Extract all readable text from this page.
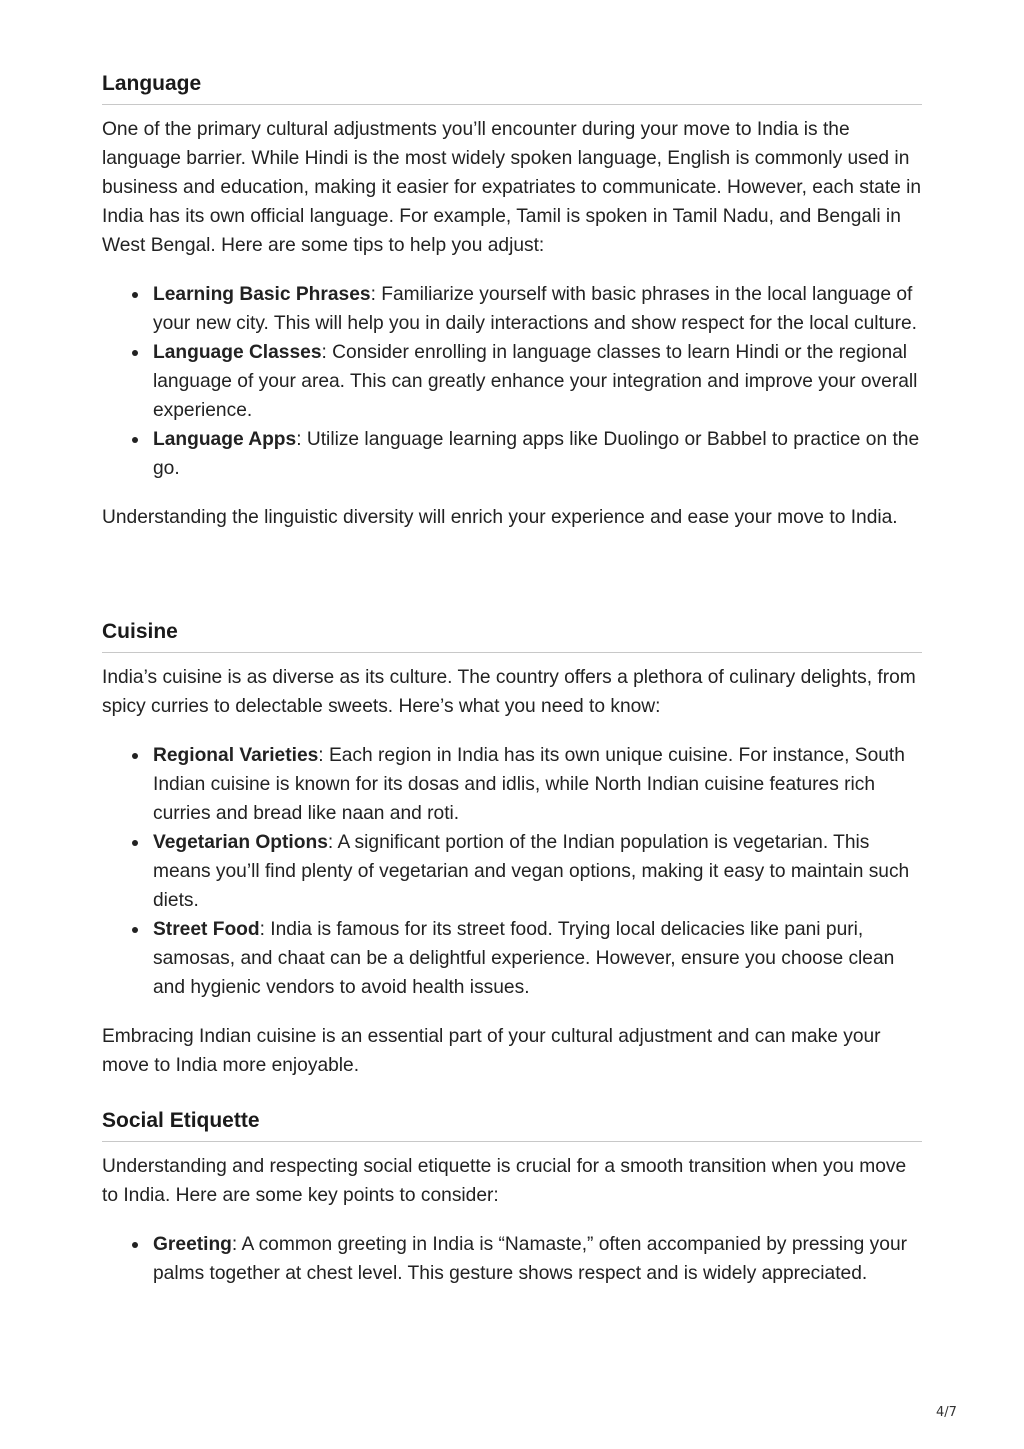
Language

One of the primary cultural adjustments you’ll encounter during your move to India is the language barrier. While Hindi is the most widely spoken language, English is commonly used in business and education, making it easier for expatriates to communicate. However, each state in India has its own official language. For example, Tamil is spoken in Tamil Nadu, and Bengali in West Bengal. Here are some tips to help you adjust:

Learning Basic Phrases: Familiarize yourself with basic phrases in the local language of your new city. This will help you in daily interactions and show respect for the local culture.
Language Classes: Consider enrolling in language classes to learn Hindi or the regional language of your area. This can greatly enhance your integration and improve your overall experience.
Language Apps: Utilize language learning apps like Duolingo or Babbel to practice on the go.

Understanding the linguistic diversity will enrich your experience and ease your move to India.

Cuisine

India’s cuisine is as diverse as its culture. The country offers a plethora of culinary delights, from spicy curries to delectable sweets. Here’s what you need to know:

Regional Varieties: Each region in India has its own unique cuisine. For instance, South Indian cuisine is known for its dosas and idlis, while North Indian cuisine features rich curries and bread like naan and roti.
Vegetarian Options: A significant portion of the Indian population is vegetarian. This means you’ll find plenty of vegetarian and vegan options, making it easy to maintain such diets.
Street Food: India is famous for its street food. Trying local delicacies like pani puri, samosas, and chaat can be a delightful experience. However, ensure you choose clean and hygienic vendors to avoid health issues.

Embracing Indian cuisine is an essential part of your cultural adjustment and can make your move to India more enjoyable.

Social Etiquette

Understanding and respecting social etiquette is crucial for a smooth transition when you move to India. Here are some key points to consider:

Greeting: A common greeting in India is “Namaste,” often accompanied by pressing your palms together at chest level. This gesture shows respect and is widely appreciated.
4/7
